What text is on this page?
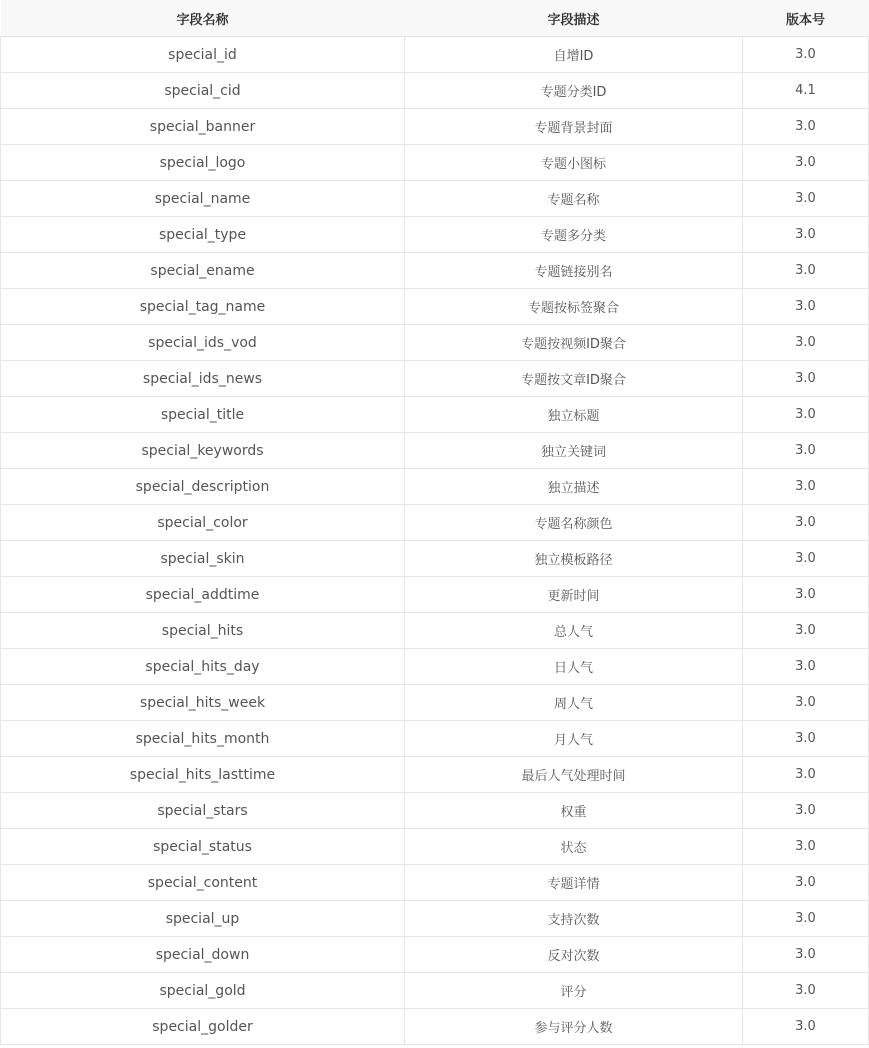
字段名称	字段描述	版本号
special_id	自增ID	3.0
special_cid	专题分类ID	4.1
special_banner	专题背景封面	3.0
special_logo	专题小图标	3.0
special_name	专题名称	3.0
special_type	专题多分类	3.0
special_ename	专题链接别名	3.0
special_tag_name	专题按标签聚合	3.0
special_ids_vod	专题按视频ID聚合	3.0
special_ids_news	专题按文章ID聚合	3.0
special_title	独立标题	3.0
special_keywords	独立关键词	3.0
special_description	独立描述	3.0
special_color	专题名称颜色	3.0
special_skin	独立模板路径	3.0
special_addtime	更新时间	3.0
special_hits	总人气	3.0
special_hits_day	日人气	3.0
special_hits_week	周人气	3.0
special_hits_month	月人气	3.0
special_hits_lasttime	最后人气处理时间	3.0
special_stars	权重	3.0
special_status	状态	3.0
special_content	专题详情	3.0
special_up	支持次数	3.0
special_down	反对次数	3.0
special_gold	评分	3.0
special_golder	参与评分人数	3.0
